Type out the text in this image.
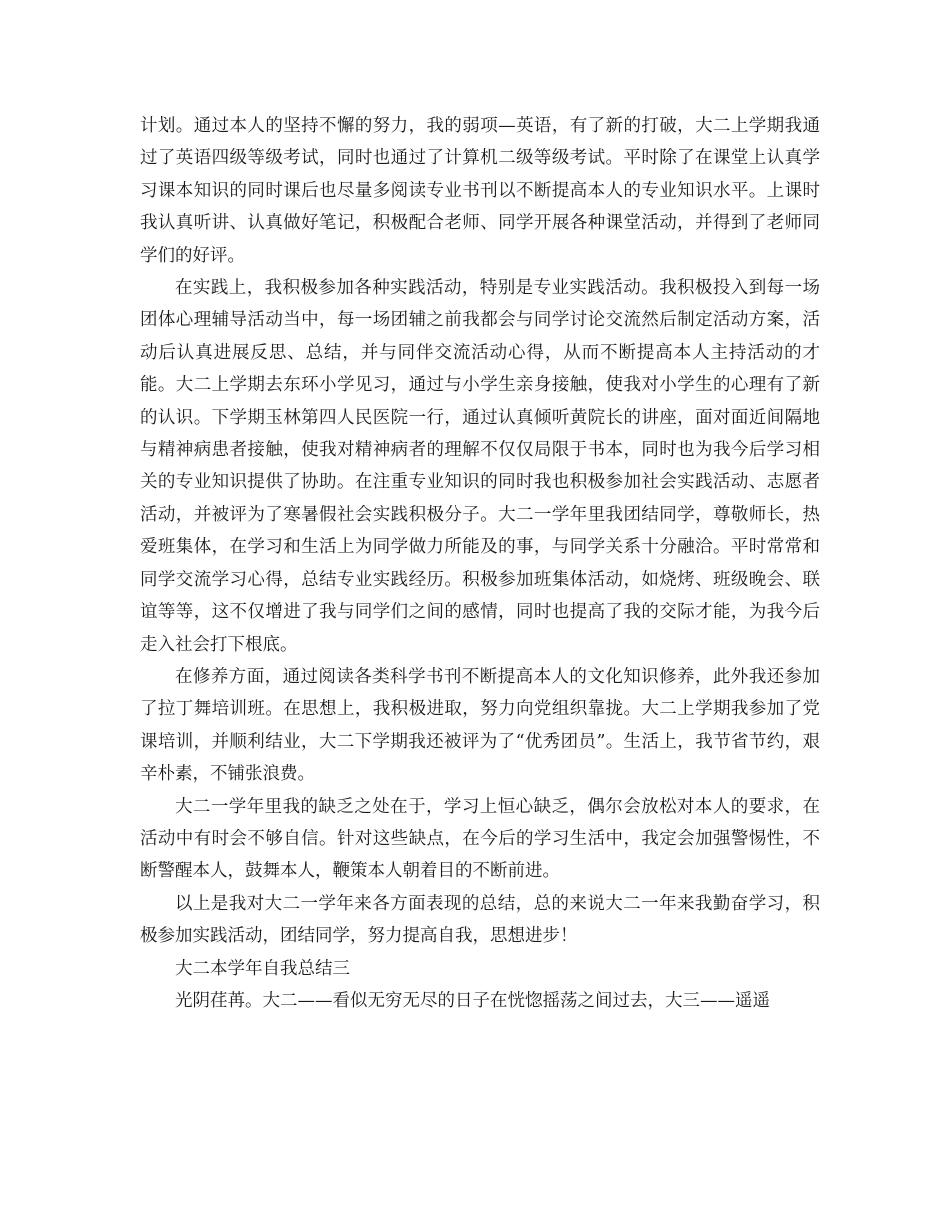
计划。通过本人的坚持不懈的努力，我的弱项—英语，有了新的打破，大二上学期我通过了英语四级等级考试，同时也通过了计算机二级等级考试。平时除了在课堂上认真学习课本知识的同时课后也尽量多阅读专业书刊以不断提高本人的专业知识水平。上课时我认真听讲、认真做好笔记，积极配合老师、同学开展各种课堂活动，并得到了老师同学们的好评。

在实践上，我积极参加各种实践活动，特别是专业实践活动。我积极投入到每一场团体心理辅导活动当中，每一场团辅之前我都会与同学讨论交流然后制定活动方案，活动后认真进展反思、总结，并与同伴交流活动心得，从而不断提高本人主持活动的才能。大二上学期去东环小学见习，通过与小学生亲身接触，使我对小学生的心理有了新的认识。下学期玉林第四人民医院一行，通过认真倾听黄院长的讲座，面对面近间隔地与精神病患者接触，使我对精神病者的理解不仅仅局限于书本，同时也为我今后学习相关的专业知识提供了协助。在注重专业知识的同时我也积极参加社会实践活动、志愿者活动，并被评为了寒暑假社会实践积极分子。大二一学年里我团结同学，尊敬师长，热爱班集体，在学习和生活上为同学做力所能及的事，与同学关系十分融洽。平时常常和同学交流学习心得，总结专业实践经历。积极参加班集体活动，如烧烤、班级晚会、联谊等等，这不仅增进了我与同学们之间的感情，同时也提高了我的交际才能，为我今后走入社会打下根底。

在修养方面，通过阅读各类科学书刊不断提高本人的文化知识修养，此外我还参加了拉丁舞培训班。在思想上，我积极进取，努力向党组织靠拢。大二上学期我参加了党课培训，并顺利结业，大二下学期我还被评为了“优秀团员”。生活上，我节省节约，艰辛朴素，不铺张浪费。

大二一学年里我的缺乏之处在于，学习上恒心缺乏，偶尔会放松对本人的要求，在活动中有时会不够自信。针对这些缺点，在今后的学习生活中，我定会加强警惕性，不断警醒本人，鼓舞本人，鞭策本人朝着目的不断前进。

以上是我对大二一学年来各方面表现的总结，总的来说大二一年来我勤奋学习，积极参加实践活动，团结同学，努力提高自我，思想进步！

大二本学年自我总结三

光阴荏苒。大二——看似无穷无尽的日子在恍惚摇荡之间过去，大三——遥遥
